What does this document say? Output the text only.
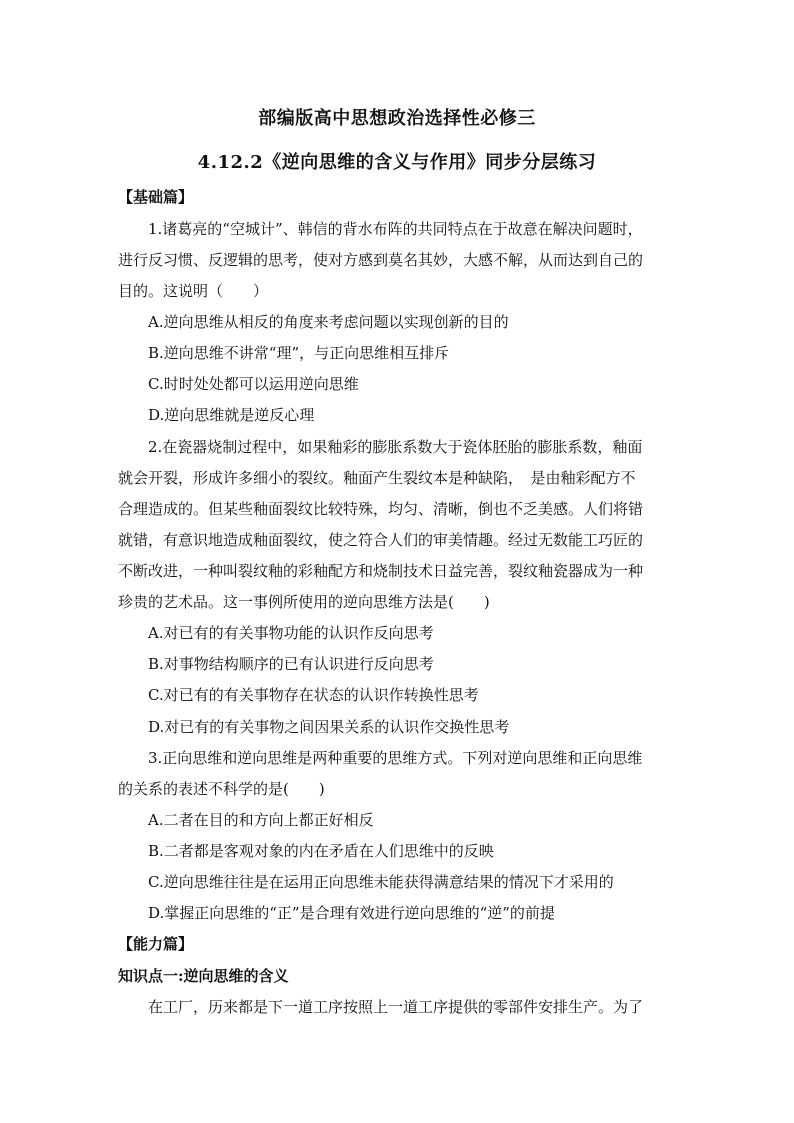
部编版高中思想政治选择性必修三
4.12.2《逆向思维的含义与作用》同步分层练习
【基础篇】
1.诸葛亮的“空城计”、韩信的背水布阵的共同特点在于故意在解决问题时，
进行反习惯、反逻辑的思考，使对方感到莫名其妙，大感不解，从而达到自己的
目的。这说明（　　）
A.逆向思维从相反的角度来考虑问题以实现创新的目的
B.逆向思维不讲常“理”，与正向思维相互排斥
C.时时处处都可以运用逆向思维
D.逆向思维就是逆反心理
2.在瓷器烧制过程中，如果釉彩的膨胀系数大于瓷体胚胎的膨胀系数，釉面
就会开裂，形成许多细小的裂纹。釉面产生裂纹本是种缺陷，　是由釉彩配方不
合理造成的。但某些釉面裂纹比较特殊，均匀、清晰，倒也不乏美感。人们将错
就错，有意识地造成釉面裂纹，使之符合人们的审美情趣。经过无数能工巧匠的
不断改进，一种叫裂纹釉的彩釉配方和烧制技术日益完善，裂纹釉瓷器成为一种
珍贵的艺术品。这一事例所使用的逆向思维方法是(　　)
A.对已有的有关事物功能的认识作反向思考
B.对事物结构顺序的已有认识进行反向思考
C.对已有的有关事物存在状态的认识作转换性思考
D.对已有的有关事物之间因果关系的认识作交换性思考
3.正向思维和逆向思维是两种重要的思维方式。下列对逆向思维和正向思维
的关系的表述不科学的是(　　)
A.二者在目的和方向上都正好相反
B.二者都是客观对象的内在矛盾在人们思维中的反映
C.逆向思维往往是在运用正向思维未能获得满意结果的情况下才采用的
D.掌握正向思维的“正”是合理有效进行逆向思维的“逆”的前提
【能力篇】
知识点一:逆向思维的含义
在工厂，历来都是下一道工序按照上一道工序提供的零部件安排生产。为了
